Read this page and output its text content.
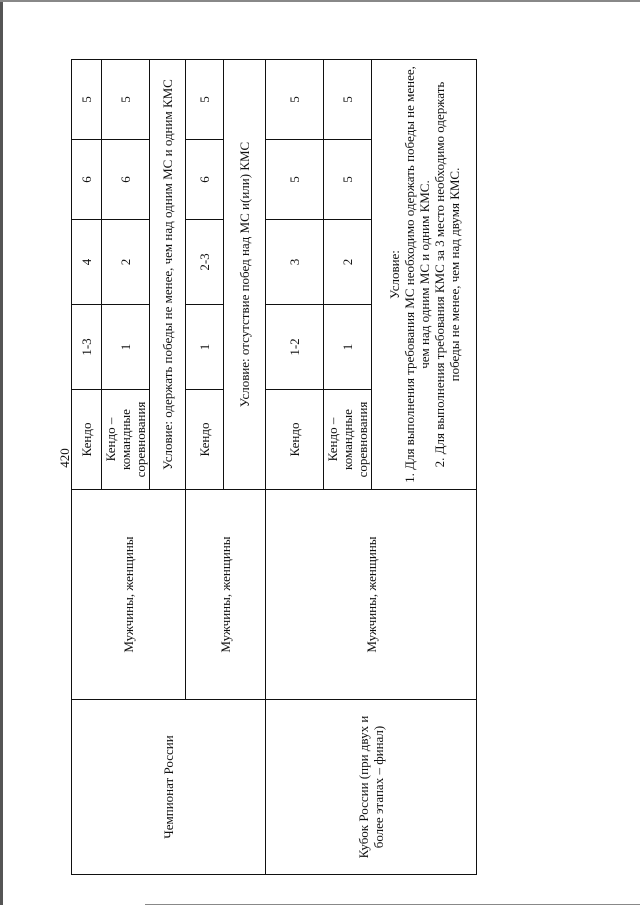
420
Чемпионат России	Мужчины, женщины	Кендо	1-3	4	6	5
		Кендо – командные соревнования	1	2	6	5
		Условие: одержать победы не менее, чем над одним МС и одним КМС				
	Мужчины, женщины	Кендо	1	2-3	6	5
		Условие: отсутствие побед над МС и(или) КМС				
Кубок России (при двух и более этапах – финал)	Мужчины, женщины	Кендо	1-2	3	5	5
		Кендо – командные соревнования	1	2	5	5

		Условие: 1. Для выполнения требования МС необходимо одержать победы не менее, чем над одним МС и одним КМС. 2. Для выполнения требования КМС за 3 место необходимо одержать победы не менее, чем над двумя КМС.				
